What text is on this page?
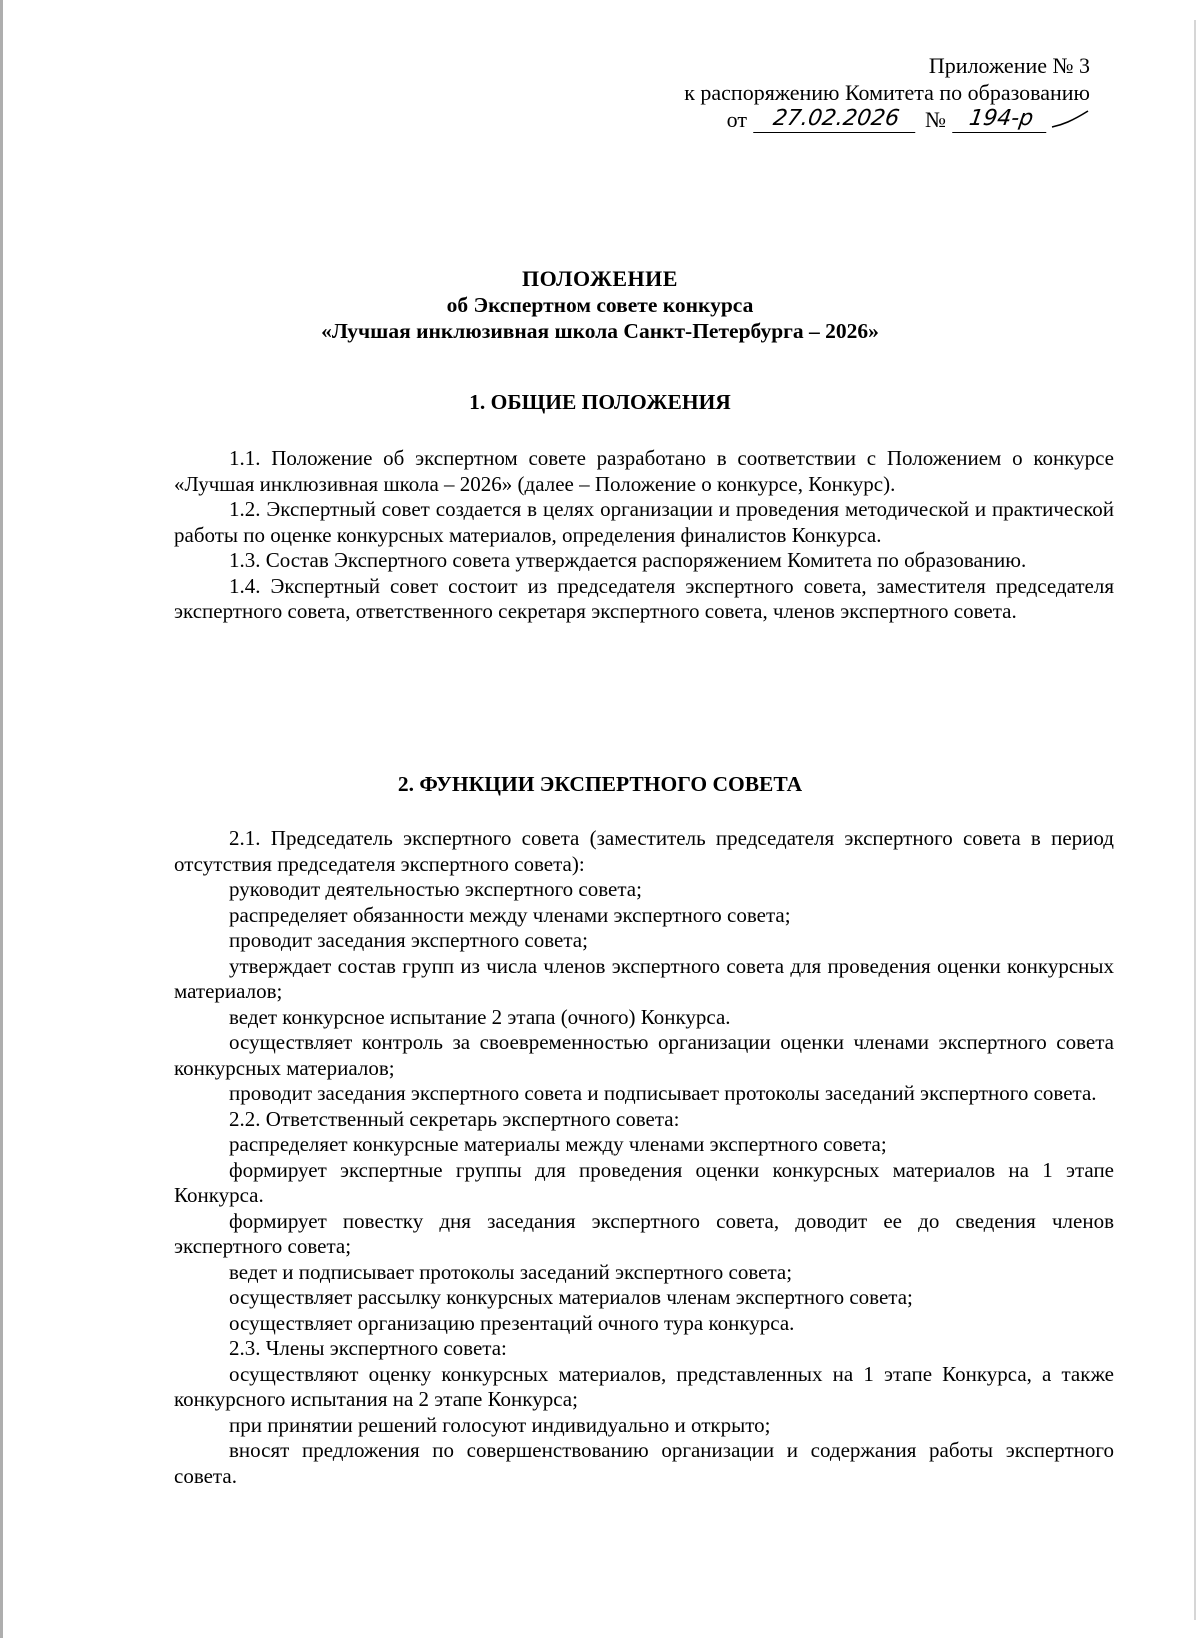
Приложение № 3
к распоряжению Комитета по образованию
от	27.02.2026	№ 194-р
ПОЛОЖЕНИЕ
об Экспертном совете конкурса
«Лучшая инклюзивная школа Санкт-Петербурга – 2026»
1. ОБЩИЕ ПОЛОЖЕНИЯ

1.1. Положение об экспертном совете разработано в соответствии с Положением о конкурсе «Лучшая инклюзивная школа – 2026» (далее – Положение о конкурсе, Конкурс).

1.2. Экспертный совет создается в целях организации и проведения методической и практической работы по оценке конкурсных материалов, определения финалистов Конкурса.

1.3. Состав Экспертного совета утверждается распоряжением Комитета по образованию.

1.4. Экспертный совет состоит из председателя экспертного совета, заместителя председателя экспертного совета, ответственного секретаря экспертного совета, членов экспертного совета.

2. ФУНКЦИИ ЭКСПЕРТНОГО СОВЕТА

2.1. Председатель экспертного совета (заместитель председателя экспертного совета в период отсутствия председателя экспертного совета):

руководит деятельностью экспертного совета;

распределяет обязанности между членами экспертного совета;

проводит заседания экспертного совета;

утверждает состав групп из числа членов экспертного совета для проведения оценки конкурсных материалов;

ведет конкурсное испытание 2 этапа (очного) Конкурса.

осуществляет контроль за своевременностью организации оценки членами экспертного совета конкурсных материалов;

проводит заседания экспертного совета и подписывает протоколы заседаний экспертного совета.

2.2. Ответственный секретарь экспертного совета:

распределяет конкурсные материалы между членами экспертного совета;

формирует экспертные группы для проведения оценки конкурсных материалов на 1 этапе Конкурса.

формирует повестку дня заседания экспертного совета, доводит ее до сведения членов экспертного совета;

ведет и подписывает протоколы заседаний экспертного совета;

осуществляет рассылку конкурсных материалов членам экспертного совета;

осуществляет организацию презентаций очного тура конкурса.

2.3. Члены экспертного совета:

осуществляют оценку конкурсных материалов, представленных на 1 этапе Конкурса, а также конкурсного испытания на 2 этапе Конкурса;

при принятии решений голосуют индивидуально и открыто;

вносят предложения по совершенствованию организации и содержания работы экспертного совета.
